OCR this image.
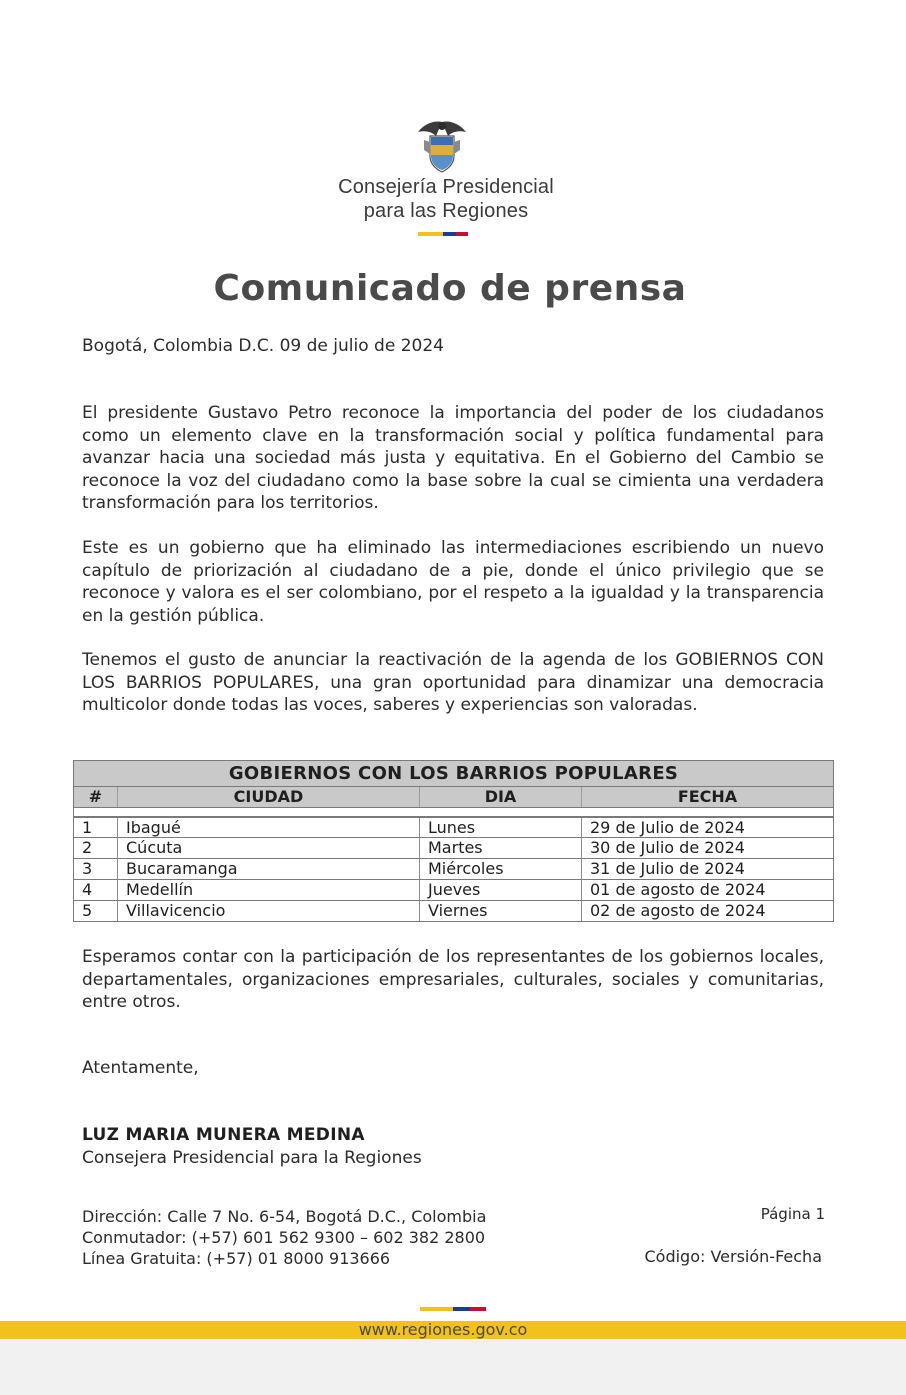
Consejería Presidencial
para las Regiones
Comunicado de prensa

Bogotá, Colombia D.C. 09 de julio de 2024

El presidente Gustavo Petro reconoce la importancia del poder de los ciudadanos como un elemento clave en la transformación social y política fundamental para avanzar hacia una sociedad más justa y equitativa. En el Gobierno del Cambio se reconoce la voz del ciudadano como la base sobre la cual se cimienta una verdadera transformación para los territorios.

Este es un gobierno que ha eliminado las intermediaciones escribiendo un nuevo capítulo de priorización al ciudadano de a pie, donde el único privilegio que se reconoce y valora es el ser colombiano, por el respeto a la igualdad y la transparencia en la gestión pública.

Tenemos el gusto de anunciar la reactivación de la agenda de los GOBIERNOS CON LOS BARRIOS POPULARES, una gran oportunidad para dinamizar una democracia multicolor donde todas las voces, saberes y experiencias son valoradas.

GOBIERNOS CON LOS BARRIOS POPULARES
#	CIUDAD	DIA	FECHA
1	Ibagué	Lunes	29 de Julio de 2024
2	Cúcuta	Martes	30 de Julio de 2024
3	Bucaramanga	Miércoles	31 de Julio de 2024
4	Medellín	Jueves	01 de agosto de 2024
5	Villavicencio	Viernes	02 de agosto de 2024

Esperamos contar con la participación de los representantes de los gobiernos locales, departamentales, organizaciones empresariales, culturales, sociales y comunitarias, entre otros.

Atentamente,

LUZ MARIA MUNERA MEDINA

Consejera Presidencial para la Regiones

Dirección: Calle 7 No. 6-54, Bogotá D.C., Colombia
Conmutador: (+57) 601 562 9300 – 602 382 2800
Línea Gratuita: (+57) 01 8000 913666
Página 1
Código: Versión-Fecha
www.regiones.gov.co
